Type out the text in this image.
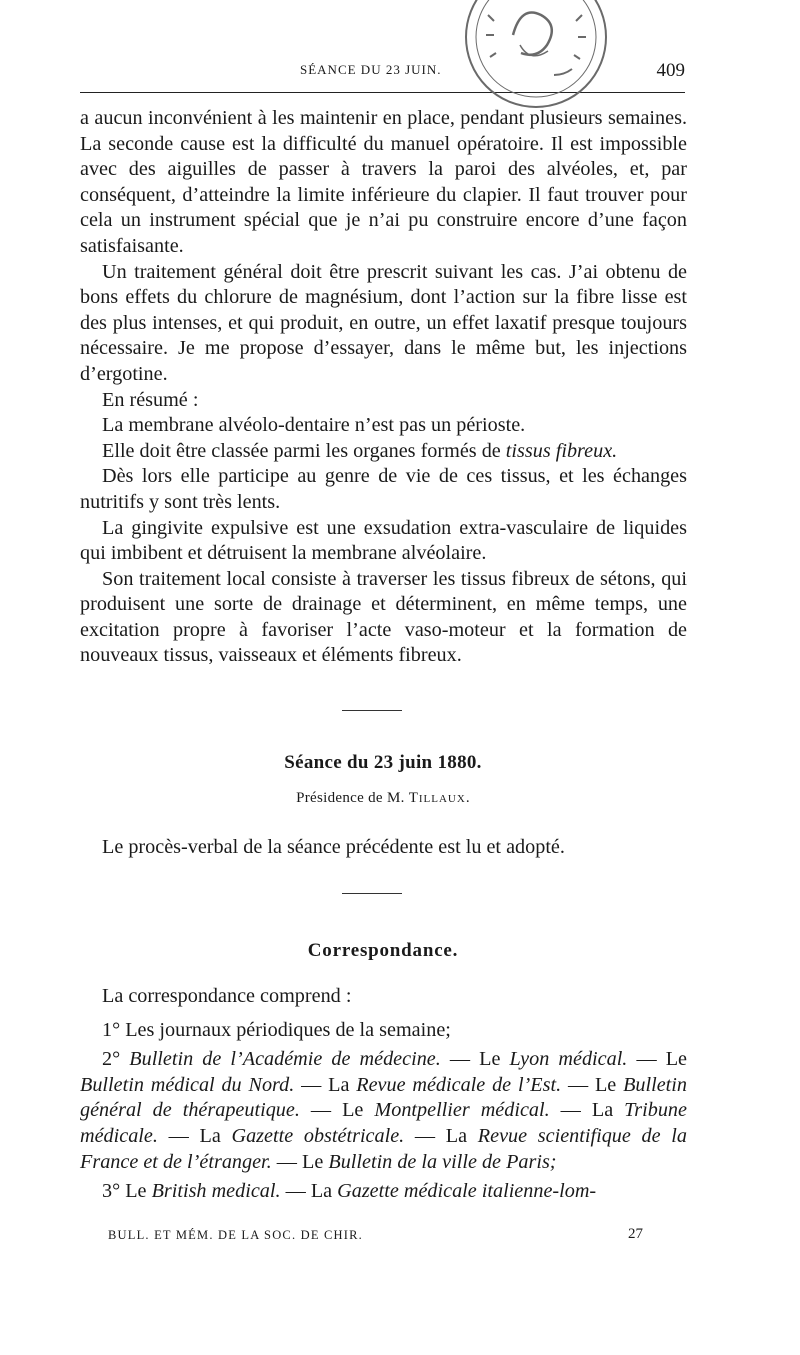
SÉANCE DU 23 JUIN.	409

a aucun inconvénient à les maintenir en place, pendant plusieurs semaines. La seconde cause est la difficulté du manuel opératoire. Il est impossible avec des aiguilles de passer à travers la paroi des alvéoles, et, par conséquent, d’atteindre la limite inférieure du clapier. Il faut trouver pour cela un instrument spécial que je n’ai pu construire encore d’une façon satisfaisante.

Un traitement général doit être prescrit suivant les cas. J’ai obtenu de bons effets du chlorure de magnésium, dont l’action sur la fibre lisse est des plus intenses, et qui produit, en outre, un effet laxatif presque toujours nécessaire. Je me propose d’essayer, dans le même but, les injections d’ergotine.

En résumé :

La membrane alvéolo-dentaire n’est pas un périoste.

Elle doit être classée parmi les organes formés de tissus fibreux.

Dès lors elle participe au genre de vie de ces tissus, et les échanges nutritifs y sont très lents.

La gingivite expulsive est une exsudation extra-vasculaire de liquides qui imbibent et détruisent la membrane alvéolaire.

Son traitement local consiste à traverser les tissus fibreux de sétons, qui produisent une sorte de drainage et déterminent, en même temps, une excitation propre à favoriser l’acte vaso-moteur et la formation de nouveaux tissus, vaisseaux et éléments fibreux.

Séance du 23 juin 1880.
Présidence de M. Tillaux.
Le procès-verbal de la séance précédente est lu et adopté.
Correspondance.

La correspondance comprend :

1° Les journaux périodiques de la semaine;

2° Bulletin de l’Académie de médecine. — Le Lyon médical. — Le Bulletin médical du Nord. — La Revue médicale de l’Est. — Le Bulletin général de thérapeutique. — Le Montpellier médical. — La Tribune médicale. — La Gazette obstétricale. — La Revue scientifique de la France et de l’étranger. — Le Bulletin de la ville de Paris;

3° Le British medical. — La Gazette médicale italienne-lom-

BULL. ET MÉM. DE LA SOC. DE CHIR.	27
